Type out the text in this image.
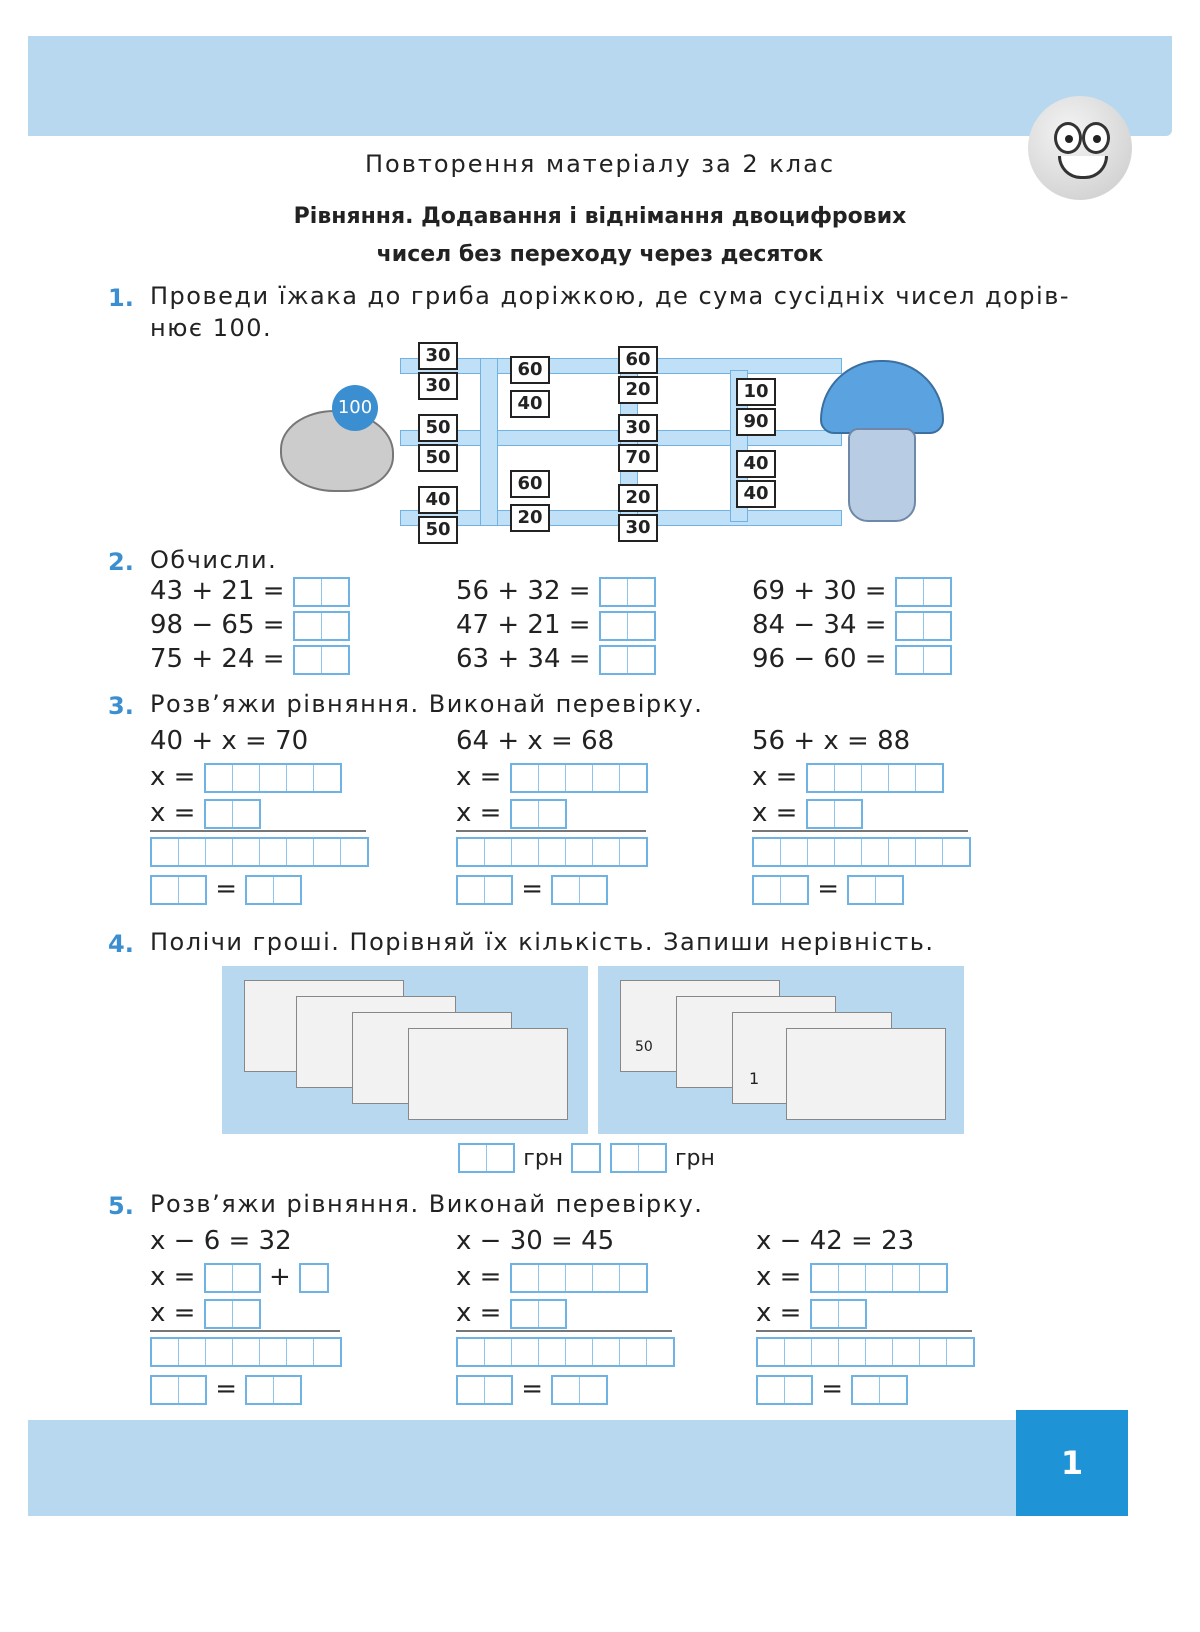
Повторення матеріалу за 2 клас
Рівняння. Додавання і віднімання двоцифрових
чисел без переходу через десяток
1. Проведи їжака до гриба доріжкою, де сума сусідніх чисел дорів-
нює 100.
100
30
30
50
50
40
50
60
40
60
20
60
20
30
70
20
30
10
90
40
40
2. Обчисли.
43 + 21 =	56 + 32 =	69 + 30 =
98 − 65 =	47 + 21 =	84 − 34 =
75 + 24 =	63 + 34 =	96 − 60 =
3. Розв’яжи рівняння. Виконай перевірку.
40 + x = 70
x =
x =
=
64 + x = 68
x =
x =
=
56 + x = 88
x =
x =
=
4. Полічи гроші. Порівняй їх кількість. Запиши нерівність.
50
1
грн
	грн
5. Розв’яжи рівняння. Виконай перевірку.
x − 6 = 32
x =	+
x =
=
x − 30 = 45
x =
x =
=
x − 42 = 23
x =
x =
=
1
